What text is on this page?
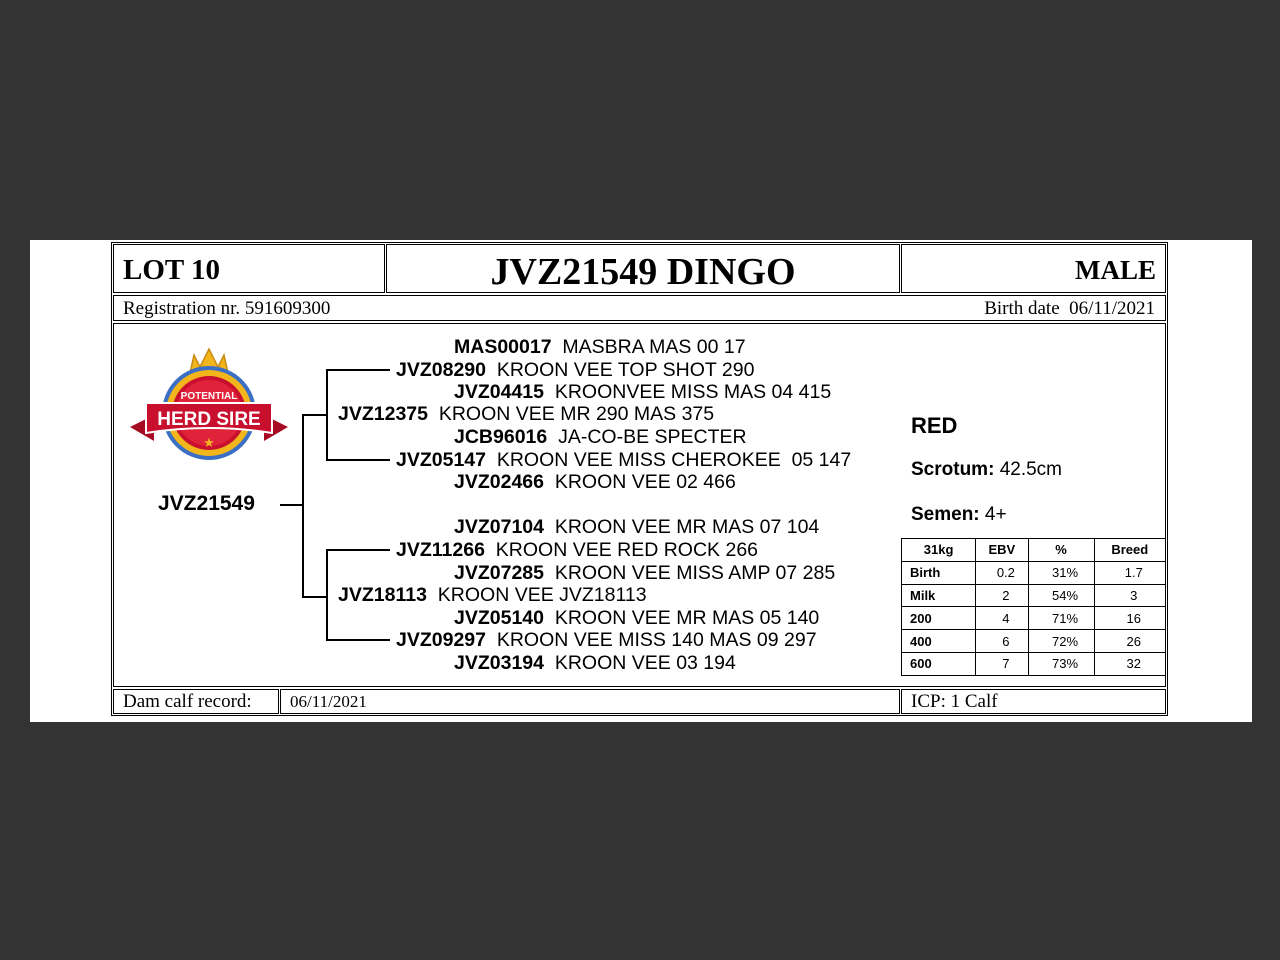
LOT 10	JVZ21549 DINGO	MALE
Registration nr. 591609300	Birth date 06/11/2021
HERD SIRE
POTENTIAL
★
JVZ21549
MAS00017 MASBRA MAS 00 17
JVZ08290 KROON VEE TOP SHOT 290
JVZ04415 KROONVEE MISS MAS 04 415
JVZ12375 KROON VEE MR 290 MAS 375
JCB96016 JA-CO-BE SPECTER
JVZ05147 KROON VEE MISS CHEROKEE  05 147
JVZ02466 KROON VEE 02 466
JVZ07104 KROON VEE MR MAS 07 104
JVZ11266 KROON VEE RED ROCK 266
JVZ07285 KROON VEE MISS AMP 07 285
JVZ18113 KROON VEE JVZ18113
JVZ05140 KROON VEE MR MAS 05 140
JVZ09297 KROON VEE MISS 140 MAS 09 297
JVZ03194 KROON VEE 03 194
RED
Scrotum: 42.5cm
Semen: 4+
31kg	EBV	%	Breed
Birth	0.2	31%	1.7
Milk	2	54%	3
200	4	71%	16
400	6	72%	26
600	7	73%	32
Dam calf record: 06/11/2021	ICP: 1 Calf
